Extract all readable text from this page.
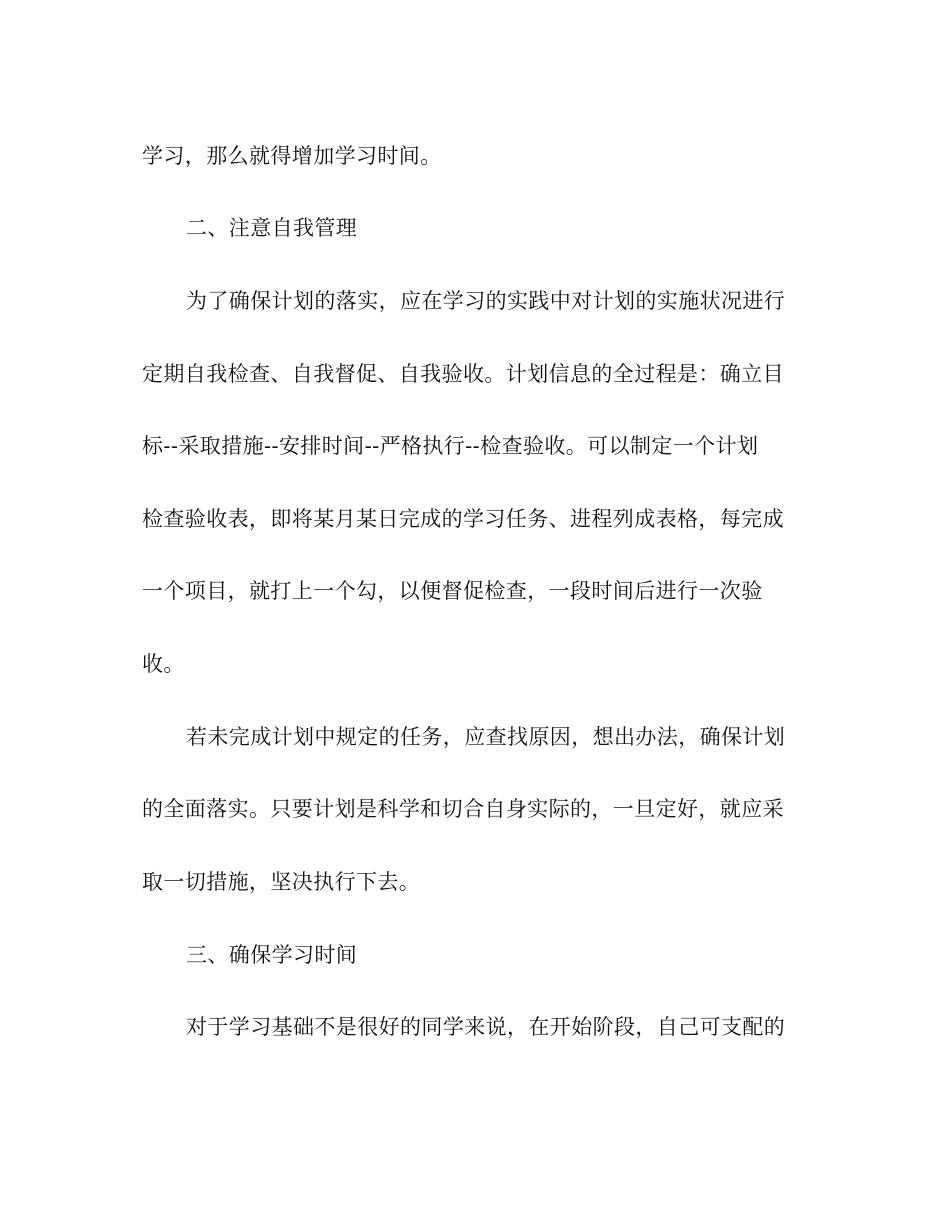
学习，那么就得增加学习时间。
二、注意自我管理
为了确保计划的落实，应在学习的实践中对计划的实施状况进行
定期自我检查、自我督促、自我验收。计划信息的全过程是：确立目
标--采取措施--安排时间--严格执行--检查验收。可以制定一个计划
检查验收表，即将某月某日完成的学习任务、进程列成表格，每完成
一个项目，就打上一个勾，以便督促检查，一段时间后进行一次验
收。
若未完成计划中规定的任务，应查找原因，想出办法，确保计划
的全面落实。只要计划是科学和切合自身实际的，一旦定好，就应采
取一切措施，坚决执行下去。
三、确保学习时间
对于学习基础不是很好的同学来说，在开始阶段，自己可支配的
